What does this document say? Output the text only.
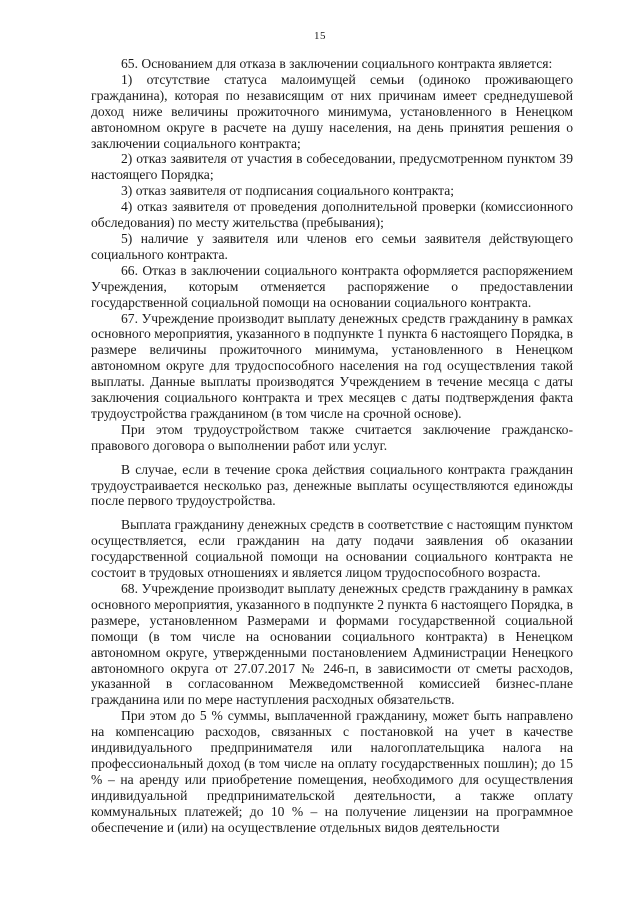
15

65. Основанием для отказа в заключении социального контракта является:

1) отсутствие статуса малоимущей семьи (одиноко проживающего гражданина), которая по независящим от них причинам имеет среднедушевой доход ниже величины прожиточного минимума, установленного в Ненецком автономном округе в расчете на душу населения, на день принятия решения о заключении социального контракта;

2) отказ заявителя от участия в собеседовании, предусмотренном пунктом 39 настоящего Порядка;

3) отказ заявителя от подписания социального контракта;

4) отказ заявителя от проведения дополнительной проверки (комиссионного обследования) по месту жительства (пребывания);

5) наличие у заявителя или членов его семьи заявителя действующего социального контракта.

66. Отказ в заключении социального контракта оформляется распоряжением Учреждения, которым отменяется распоряжение о предоставлении государственной социальной помощи на основании социального контракта.

67. Учреждение производит выплату денежных средств гражданину в рамках основного мероприятия, указанного в подпункте 1 пункта 6 настоящего Порядка, в размере величины прожиточного минимума, установленного в Ненецком автономном округе для трудоспособного населения на год осуществления такой выплаты. Данные выплаты производятся Учреждением в течение месяца с даты заключения социального контракта и трех месяцев с даты подтверждения факта трудоустройства гражданином (в том числе на срочной основе).

При этом трудоустройством также считается заключение гражданско-правового договора о выполнении работ или услуг.

В случае, если в течение срока действия социального контракта гражданин трудоустраивается несколько раз, денежные выплаты осуществляются единожды после первого трудоустройства.

Выплата гражданину денежных средств в соответствие с настоящим пунктом осуществляется, если гражданин на дату подачи заявления об оказании государственной социальной помощи на основании социального контракта не состоит в трудовых отношениях и является лицом трудоспособного возраста.

68. Учреждение производит выплату денежных средств гражданину в рамках основного мероприятия, указанного в подпункте 2 пункта 6 настоящего Порядка, в размере, установленном Размерами и формами государственной социальной помощи (в том числе на основании социального контракта) в Ненецком автономном округе, утвержденными постановлением Администрации Ненецкого автономного округа от 27.07.2017 № 246-п, в зависимости от сметы расходов, указанной в согласованном Межведомственной комиссией бизнес-плане гражданина или по мере наступления расходных обязательств.

При этом до 5 % суммы, выплаченной гражданину, может быть направлено на компенсацию расходов, связанных с постановкой на учет в качестве индивидуального предпринимателя или налогоплательщика налога на профессиональный доход (в том числе на оплату государственных пошлин); до 15 % – на аренду или приобретение помещения, необходимого для осуществления индивидуальной предпринимательской деятельности, а также оплату коммунальных платежей; до 10 % – на получение лицензии на программное обеспечение и (или) на осуществление отдельных видов деятельности
